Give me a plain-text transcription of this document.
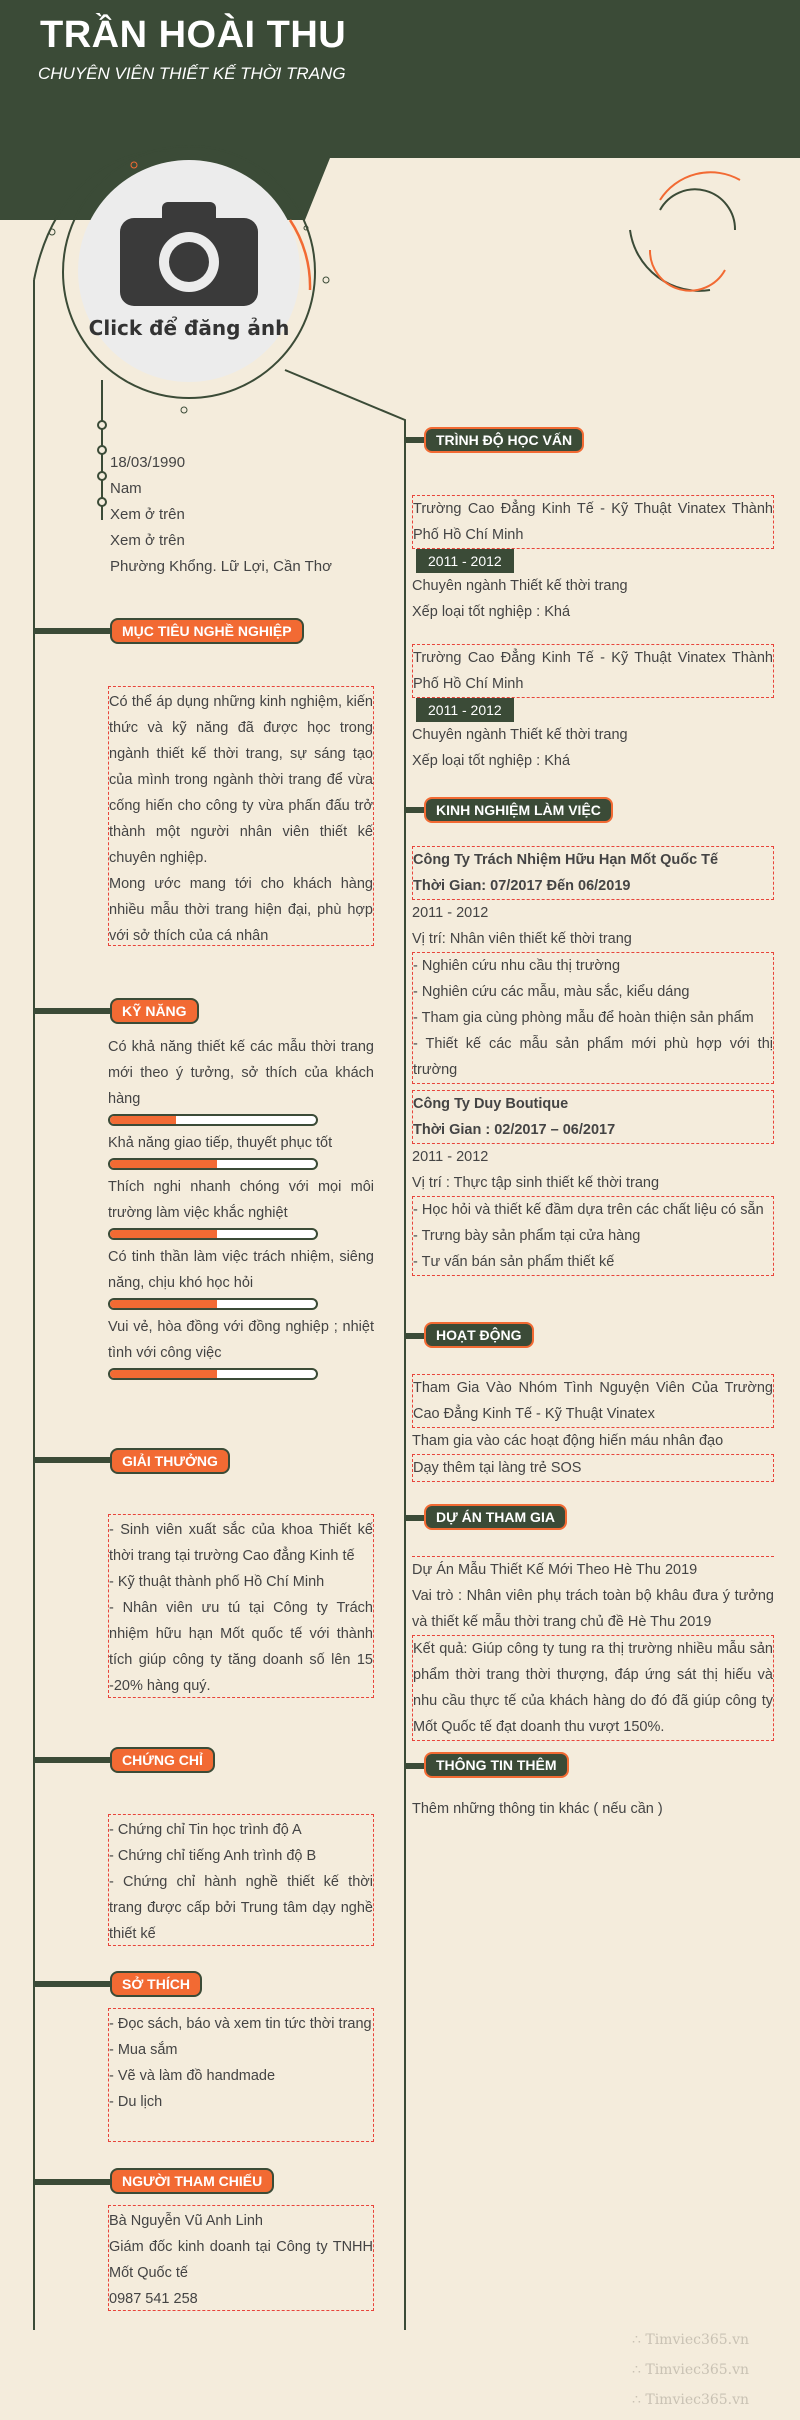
TRẦN HOÀI THU
CHUYÊN VIÊN THIẾT KẾ THỜI TRANG
Click để đăng ảnh
18/03/1990
Nam
Xem ở trên
Xem ở trên
Phường Khổng. Lữ Lợi, Cần Thơ
MỤC TIÊU NGHỀ NGHIỆP
Có thể áp dụng những kinh nghiệm, kiến thức và kỹ năng đã được học trong ngành thiết kế thời trang, sự sáng tạo của mình trong ngành thời trang để vừa cống hiến cho công ty vừa phấn đấu trở thành một người nhân viên thiết kế chuyên nghiệp.
Mong ước mang tới cho khách hàng nhiều mẫu thời trang hiện đại, phù hợp với sở thích của cá nhân
KỸ NĂNG
Có khả năng thiết kế các mẫu thời trang mới theo ý tưởng, sở thích của khách hàng
Khả năng giao tiếp, thuyết phục tốt
Thích nghi nhanh chóng với mọi môi trường làm việc khắc nghiệt
Có tinh thần làm việc trách nhiệm, siêng năng, chịu khó học hỏi
Vui vẻ, hòa đồng với đồng nghiệp ; nhiệt tình với công việc
GIẢI THƯỞNG
- Sinh viên xuất sắc của khoa Thiết kế thời trang tại trường Cao đẳng Kinh tế
- Kỹ thuật thành phố Hồ Chí Minh
- Nhân viên ưu tú tại Công ty Trách nhiệm hữu hạn Mốt quốc tế với thành tích giúp công ty tăng doanh số lên 15 -20% hàng quý.
CHỨNG CHỈ
- Chứng chỉ Tin học trình độ A
- Chứng chỉ tiếng Anh trình độ B
- Chứng chỉ hành nghề thiết kế thời trang được cấp bởi Trung tâm dạy nghề thiết kế
SỞ THÍCH
- Đọc sách, báo và xem tin tức thời trang
- Mua sắm
- Vẽ và làm đồ handmade
- Du lịch
NGƯỜI THAM CHIẾU
Bà Nguyễn Vũ Anh Linh
Giám đốc kinh doanh tại Công ty TNHH Mốt Quốc tế
0987 541 258
TRÌNH ĐỘ HỌC VẤN
Trường Cao Đẳng Kinh Tế - Kỹ Thuật Vinatex Thành Phố Hồ Chí Minh
2011 - 2012
Chuyên ngành Thiết kế thời trang
Xếp loại tốt nghiệp : Khá
Trường Cao Đẳng Kinh Tế - Kỹ Thuật Vinatex Thành Phố Hồ Chí Minh
2011 - 2012
Chuyên ngành Thiết kế thời trang
Xếp loại tốt nghiệp : Khá
KINH NGHIỆM LÀM VIỆC
Công Ty Trách Nhiệm Hữu Hạn Mốt Quốc Tế
Thời Gian: 07/2017 Đến 06/2019
2011 - 2012
Vị trí: Nhân viên thiết kế thời trang
- Nghiên cứu nhu cầu thị trường
- Nghiên cứu các mẫu, màu sắc, kiểu dáng
- Tham gia cùng phòng mẫu để hoàn thiện sản phẩm
- Thiết kế các mẫu sản phẩm mới phù hợp với thị trường
Công Ty Duy Boutique
Thời Gian : 02/2017 – 06/2017
2011 - 2012
Vị trí : Thực tập sinh thiết kế thời trang
- Học hỏi và thiết kế đầm dựa trên các chất liệu có sẵn
- Trưng bày sản phẩm tại cửa hàng
- Tư vấn bán sản phẩm thiết kế
HOẠT ĐỘNG
Tham Gia Vào Nhóm Tình Nguyện Viên Của Trường Cao Đẳng Kinh Tế - Kỹ Thuật Vinatex
Tham gia vào các hoạt động hiến máu nhân đạo
Dạy thêm tại làng trẻ SOS
DỰ ÁN THAM GIA
Dự Án Mẫu Thiết Kế Mới Theo Hè Thu 2019
Vai trò : Nhân viên phụ trách toàn bộ khâu đưa ý tưởng và thiết kế mẫu thời trang chủ đề Hè Thu 2019
Kết quả: Giúp công ty tung ra thị trường nhiều mẫu sản phẩm thời trang thời thượng, đáp ứng sát thị hiếu và nhu cầu thực tế của khách hàng do đó đã giúp công ty Mốt Quốc tế đạt doanh thu vượt 150%.
THÔNG TIN THÊM
Thêm những thông tin khác ( nếu cần )
∴ Timviec365.vn
∴ Timviec365.vn
∴ Timviec365.vn
